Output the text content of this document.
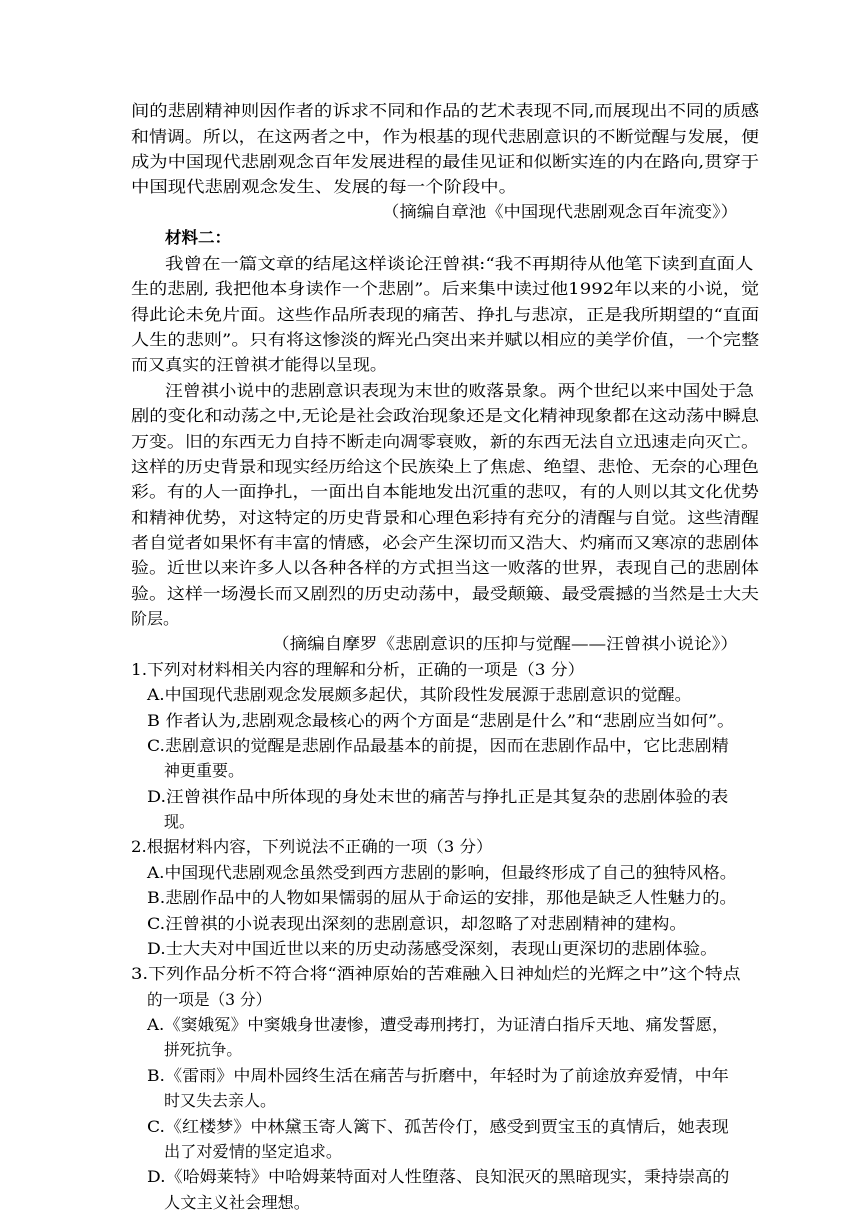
间的悲剧精神则因作者的诉求不同和作品的艺术表现不同,而展现出不同的质感

和情调。所以，在这两者之中，作为根基的现代悲剧意识的不断觉醒与发展，便

成为中国现代悲剧观念百年发展进程的最佳见证和似断实连的内在路向,贯穿于

中国现代悲剧观念发生、发展的每一个阶段中。

（摘编自章池《中国现代悲剧观念百年流变》）

材料二：

我曾在一篇文章的结尾这样谈论汪曾祺:“我不再期待从他笔下读到直面人

生的悲剧, 我把他本身读作一个悲剧”。后来集中读过他1992年以来的小说，觉

得此论未免片面。这些作品所表现的痛苦、挣扎与悲凉，正是我所期望的“直面

人生的悲则”。只有将这惨淡的辉光凸突出来并赋以相应的美学价值，一个完整

而又真实的汪曾祺才能得以呈现。

汪曾祺小说中的悲剧意识表现为末世的败落景象。两个世纪以来中国处于急

剧的变化和动荡之中,无论是社会政治现象还是文化精神现象都在这动荡中瞬息

万变。旧的东西无力自持不断走向凋零衰败，新的东西无法自立迅速走向灭亡。

这样的历史背景和现实经历给这个民族染上了焦虑、绝望、悲怆、无奈的心理色

彩。有的人一面挣扎，一面出自本能地发出沉重的悲叹，有的人则以其文化优势

和精神优势，对这特定的历史背景和心理色彩持有充分的清醒与自觉。这些清醒

者自觉者如果怀有丰富的情感，必会产生深切而又浩大、灼痛而又寒凉的悲剧体

验。近世以来许多人以各种各样的方式担当这一败落的世界，表现自己的悲剧体

验。这样一场漫长而又剧烈的历史动荡中，最受颠簸、最受震撼的当然是士大夫

阶层。

（摘编自摩罗《悲剧意识的压抑与觉醒——汪曾祺小说论》）

1.下列对材料相关内容的理解和分析，正确的一项是（3 分）

A.中国现代悲剧观念发展颇多起伏，其阶段性发展源于悲剧意识的觉醒。

B 作者认为,悲剧观念最核心的两个方面是“悲剧是什么”和“悲剧应当如何”。

C.悲剧意识的觉醒是悲剧作品最基本的前提，因而在悲剧作品中，它比悲剧精

神更重要。

D.汪曾祺作品中所体现的身处末世的痛苦与挣扎正是其复杂的悲剧体验的表

现。

2.根据材料内容，下列说法不正确的一项（3 分）

A.中国现代悲剧观念虽然受到西方悲剧的影响，但最终形成了自己的独特风格。

B.悲剧作品中的人物如果懦弱的屈从于命运的安排，那他是缺乏人性魅力的。

C.汪曾祺的小说表现出深刻的悲剧意识，却忽略了对悲剧精神的建构。

D.士大夫对中国近世以来的历史动荡感受深刻，表现山更深切的悲剧体验。

3.下列作品分析不符合将“酒神原始的苦难融入日神灿烂的光辉之中”这个特点

的一项是（3 分）

A.《窦娥冤》中窦娥身世凄惨，遭受毒刑拷打，为证清白指斥天地、痛发誓愿，

拼死抗争。

B.《雷雨》中周朴园终生活在痛苦与折磨中，年轻时为了前途放弃爱情，中年

时又失去亲人。

C.《红楼梦》中林黛玉寄人篱下、孤苦伶仃，感受到贾宝玉的真情后，她表现

出了对爱情的坚定追求。

D.《哈姆莱特》中哈姆莱特面对人性堕落、良知泯灭的黑暗现实，秉持崇高的

人文主义社会理想。
